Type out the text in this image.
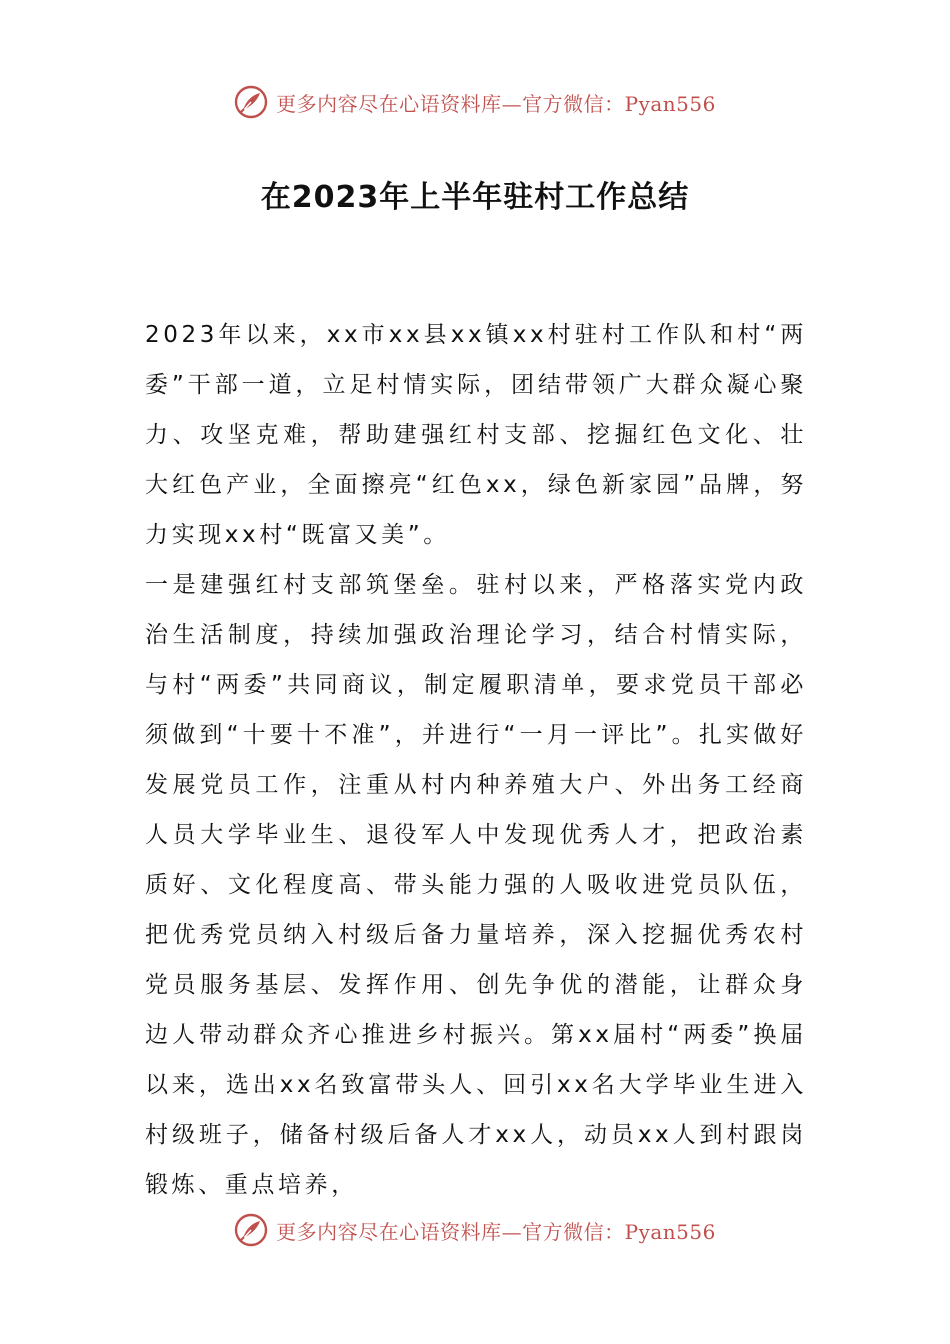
更多内容尽在心语资料库—官方微信：Pyan556
在2023年上半年驻村工作总结

2023年以来，xx市xx县xx镇xx村驻村工作队和村“两委”干部一道，立足村情实际，团结带领广大群众凝心聚力、攻坚克难，帮助建强红村支部、挖掘红色文化、壮大红色产业，全面擦亮“红色xx，绿色新家园”品牌，努力实现xx村“既富又美”。

一是建强红村支部筑堡垒。驻村以来，严格落实党内政治生活制度，持续加强政治理论学习，结合村情实际，与村“两委”共同商议，制定履职清单，要求党员干部必须做到“十要十不准”，并进行“一月一评比”。扎实做好发展党员工作，注重从村内种养殖大户、外出务工经商人员大学毕业生、退役军人中发现优秀人才，把政治素质好、文化程度高、带头能力强的人吸收进党员队伍，把优秀党员纳入村级后备力量培养，深入挖掘优秀农村党员服务基层、发挥作用、创先争优的潜能，让群众身边人带动群众齐心推进乡村振兴。第xx届村“两委”换届以来，选出xx名致富带头人、回引xx名大学毕业生进入村级班子，储备村级后备人才xx人，动员xx人到村跟岗锻炼、重点培养，

更多内容尽在心语资料库—官方微信：Pyan556
